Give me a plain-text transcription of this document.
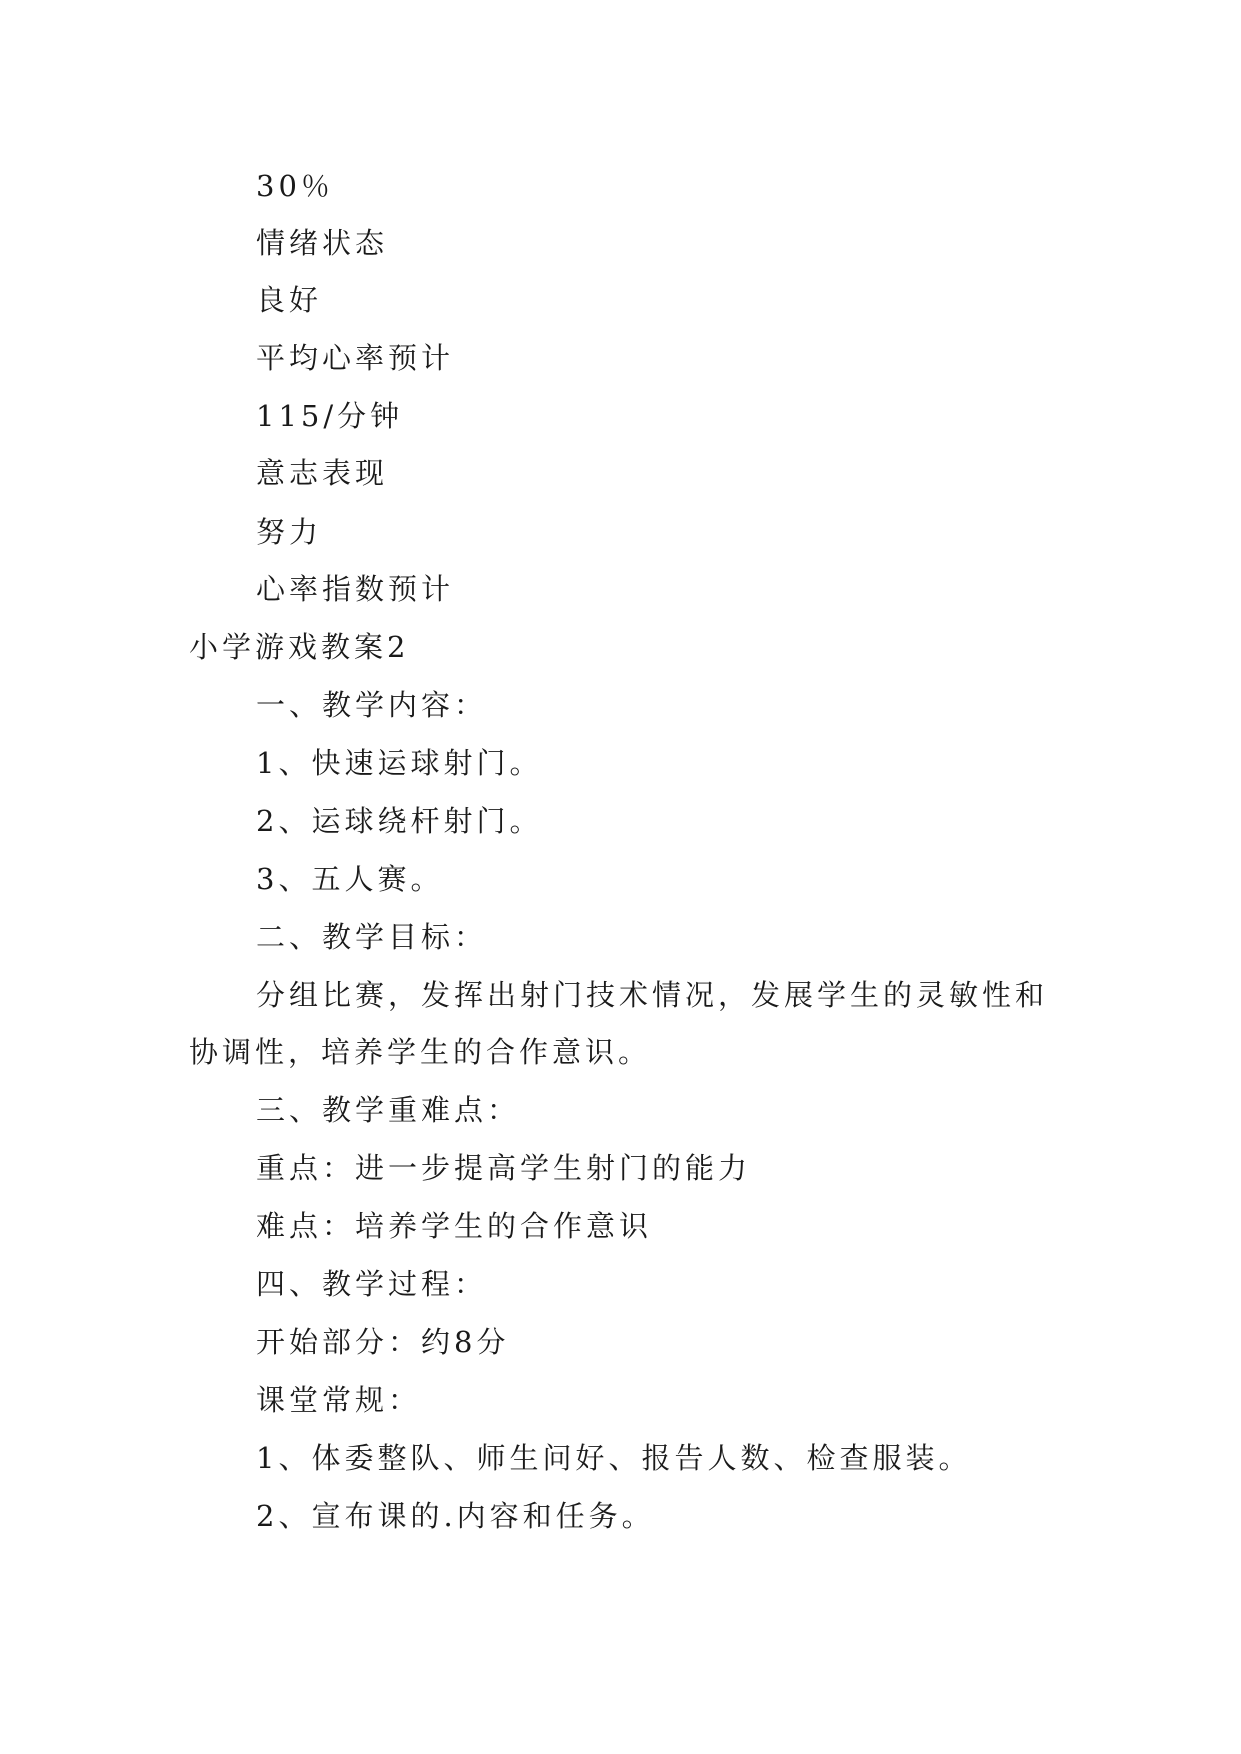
30％
情绪状态
良好
平均心率预计
115/分钟
意志表现
努力
心率指数预计
小学游戏教案2
一、教学内容：
1、快速运球射门。
2、运球绕杆射门。
3、五人赛。
二、教学目标：
分组比赛，发挥出射门技术情况，发展学生的灵敏性和
协调性，培养学生的合作意识。
三、教学重难点：
重点：进一步提高学生射门的能力
难点：培养学生的合作意识
四、教学过程：
开始部分：约8分
课堂常规：
1、体委整队、师生问好、报告人数、检查服装。
2、宣布课的.内容和任务。
